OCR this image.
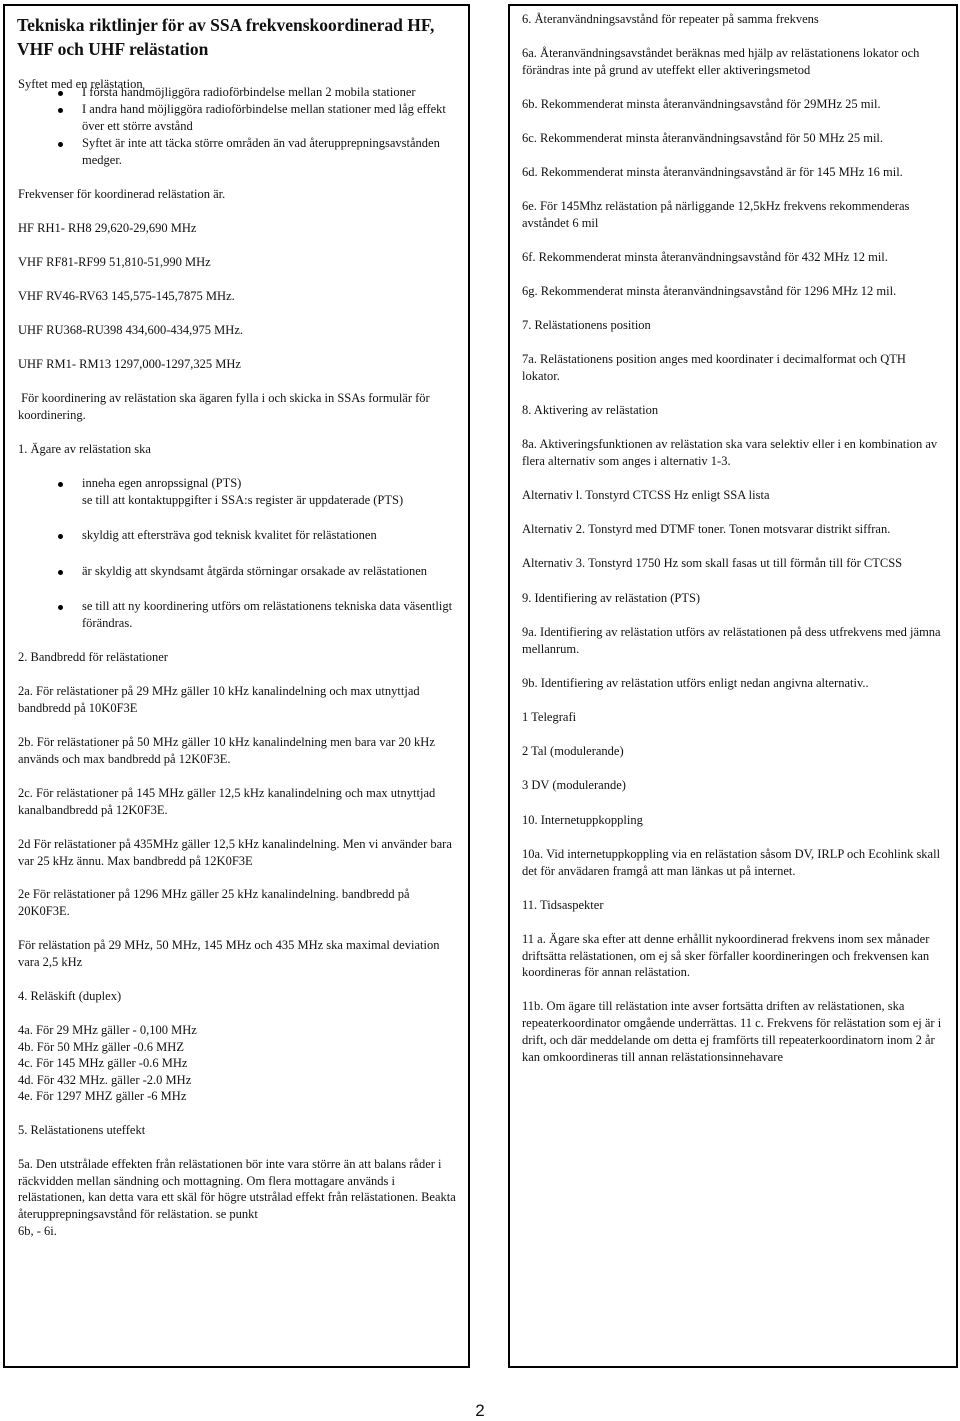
Tekniska riktlinjer för av SSA frekvenskoordinerad HF,
VHF och UHF relästation
Syftet med en relästation
I första handmöjliggöra radioförbindelse mellan 2 mobila stationer
I andra hand möjliggöra radioförbindelse mellan stationer med låg effekt
över ett större avstånd
Syftet är inte att täcka större områden än vad återupprepningsavstånden
medger.
Frekvenser för koordinerad relästation är.
HF RH1- RH8 29,620-29,690 MHz
VHF RF81-RF99 51,810-51,990 MHz
VHF RV46-RV63 145,575-145,7875 MHz.
UHF RU368-RU398 434,600-434,975 MHz.
UHF RM1- RM13 1297,000-1297,325 MHz
För koordinering av relästation ska ägaren fylla i och skicka in SSAs formulär för
koordinering.
1. Ägare av relästation ska
inneha egen anropssignal (PTS)
se till att kontaktuppgifter i SSA:s register är uppdaterade (PTS)
skyldig att eftersträva god teknisk kvalitet för relästationen
är skyldig att skyndsamt åtgärda störningar orsakade av relästationen
se till att ny koordinering utförs om relästationens tekniska data väsentligt
förändras.
2. Bandbredd för relästationer
2a. För relästationer på 29 MHz gäller 10 kHz kanalindelning och max utnyttjad
bandbredd på 10K0F3E
2b. För relästationer på 50 MHz gäller 10 kHz kanalindelning men bara var 20 kHz
används och max bandbredd på 12K0F3E.
2c. För relästationer på 145 MHz gäller 12,5 kHz kanalindelning och max utnyttjad
kanalbandbredd på 12K0F3E.
2d För relästationer på 435MHz gäller 12,5 kHz kanalindelning. Men vi använder bara
var 25 kHz ännu. Max bandbredd på 12K0F3E
2e För relästationer på 1296 MHz gäller 25 kHz kanalindelning. bandbredd på
20K0F3E.
För relästation på 29 MHz, 50 MHz, 145 MHz och 435 MHz ska maximal deviation
vara 2,5 kHz
4. Reläskift (duplex)
4a. För 29 MHz gäller - 0,100 MHz
4b. För 50 MHz gäller -0.6 MHZ
4c. För 145 MHz gäller -0.6 MHz
4d. För 432 MHz. gäller -2.0 MHz
4e. För 1297 MHZ gäller -6 MHz
5. Relästationens uteffekt
5a. Den utstrålade effekten från relästationen bör inte vara större än att balans råder i
räckvidden mellan sändning och mottagning. Om flera mottagare används i
relästationen, kan detta vara ett skäl för högre utstrålad effekt från relästationen. Beakta
återupprepningsavstånd för relästation. se punkt
6b, - 6i.
6. Återanvändningsavstånd för repeater på samma frekvens
6a. Återanvändningsavståndet beräknas med hjälp av relästationens lokator och
förändras inte på grund av uteffekt eller aktiveringsmetod
6b. Rekommenderat minsta återanvändningsavstånd för 29MHz 25 mil.
6c. Rekommenderat minsta återanvändningsavstånd för 50 MHz 25 mil.
6d. Rekommenderat minsta återanvändningsavstånd är för 145 MHz 16 mil.
6e. För 145Mhz relästation på närliggande 12,5kHz frekvens rekommenderas
avståndet 6 mil
6f. Rekommenderat minsta återanvändningsavstånd för 432 MHz 12 mil.
6g. Rekommenderat minsta återanvändningsavstånd för 1296 MHz 12 mil.
7. Relästationens position
7a. Relästationens position anges med koordinater i decimalformat och QTH
lokator.
8. Aktivering av relästation
8a. Aktiveringsfunktionen av relästation ska vara selektiv eller i en kombination av
flera alternativ som anges i alternativ 1-3.
Alternativ l. Tonstyrd CTCSS Hz enligt SSA lista
Alternativ 2. Tonstyrd med DTMF toner. Tonen motsvarar distrikt siffran.
Alternativ 3. Tonstyrd 1750 Hz som skall fasas ut till förmån till för CTCSS
9. Identifiering av relästation (PTS)
9a. Identifiering av relästation utförs av relästationen på dess utfrekvens med jämna
mellanrum.
9b. Identifiering av relästation utförs enligt nedan angivna alternativ..
1 Telegrafi
2 Tal (modulerande)
3 DV (modulerande)
10. Internetuppkoppling
10a. Vid internetuppkoppling via en relästation såsom DV, IRLP och Ecohlink skall
det för anvädaren framgå att man länkas ut på internet.
11. Tidsaspekter
11 a. Ägare ska efter att denne erhållit nykoordinerad frekvens inom sex månader
driftsätta relästationen, om ej så sker förfaller koordineringen och frekvensen kan
koordineras för annan relästation.
11b. Om ägare till relästation inte avser fortsätta driften av relästationen, ska
repeaterkoordinator omgående underrättas. 11 c. Frekvens för relästation som ej är i
drift, och där meddelande om detta ej framförts till repeaterkoordinatorn inom 2 år
kan omkoordineras till annan relästationsinnehavare
2
